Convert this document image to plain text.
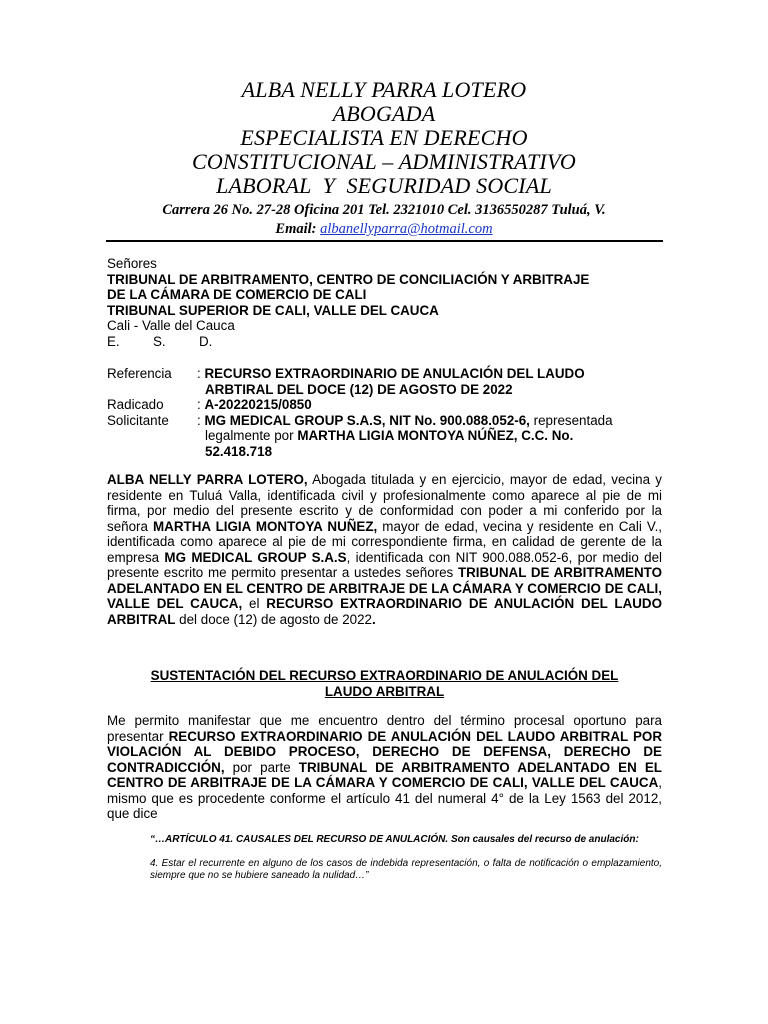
ALBA NELLY PARRA LOTERO
ABOGADA
ESPECIALISTA EN DERECHO
CONSTITUCIONAL – ADMINISTRATIVO
LABORAL  Y  SEGURIDAD SOCIAL
Carrera 26 No. 27-28 Oficina 201 Tel. 2321010 Cel. 3136550287 Tuluá, V.
Email: albanellyparra@hotmail.com
Señores
TRIBUNAL DE ARBITRAMENTO, CENTRO DE CONCILIACIÓN Y ARBITRAJE
DE LA CÁMARA DE COMERCIO DE CALI
TRIBUNAL SUPERIOR DE CALI, VALLE DEL CAUCA
Cali - Valle del Cauca
E. S. D.
Referencia	: RECURSO EXTRAORDINARIO DE ANULACIÓN DEL LAUDO
ARBTIRAL DEL DOCE (12) DE AGOSTO DE 2022
Radicado	: A-20220215/0850
Solicitante	: MG MEDICAL GROUP S.A.S, NIT No. 900.088.052-6, representada
legalmente por MARTHA LIGIA MONTOYA NÚÑEZ, C.C. No.
52.418.718
ALBA NELLY PARRA LOTERO, Abogada titulada y en ejercicio, mayor de edad, vecina y residente en Tuluá Valla, identificada civil y profesionalmente como aparece al pie de mi firma, por medio del presente escrito y de conformidad con poder a mi conferido por la señora MARTHA LIGIA MONTOYA NUÑEZ, mayor de edad, vecina y residente en Cali V., identificada como aparece al pie de mi correspondiente firma, en calidad de gerente de la empresa MG MEDICAL GROUP S.A.S, identificada con NIT 900.088.052-6, por medio del presente escrito me permito presentar a ustedes señores TRIBUNAL DE ARBITRAMENTO ADELANTADO EN EL CENTRO DE ARBITRAJE DE LA CÁMARA Y COMERCIO DE CALI, VALLE DEL CAUCA, el RECURSO EXTRAORDINARIO DE ANULACIÓN DEL LAUDO ARBITRAL del doce (12) de agosto de 2022.
SUSTENTACIÓN DEL RECURSO EXTRAORDINARIO DE ANULACIÓN DEL
LAUDO ARBITRAL
Me permito manifestar que me encuentro dentro del término procesal oportuno para presentar RECURSO EXTRAORDINARIO DE ANULACIÓN DEL LAUDO ARBITRAL POR VIOLACIÓN AL DEBIDO PROCESO, DERECHO DE DEFENSA, DERECHO DE CONTRADICCIÓN, por parte TRIBUNAL DE ARBITRAMENTO ADELANTADO EN EL CENTRO DE ARBITRAJE DE LA CÁMARA Y COMERCIO DE CALI, VALLE DEL CAUCA, mismo que es procedente conforme el artículo 41 del numeral 4° de la Ley 1563 del 2012, que dice
“…ARTÍCULO 41. CAUSALES DEL RECURSO DE ANULACIÓN. Son causales del recurso de anulación:
4. Estar el recurrente en alguno de los casos de indebida representación, o falta de notificación o emplazamiento, siempre que no se hubiere saneado la nulidad…”
